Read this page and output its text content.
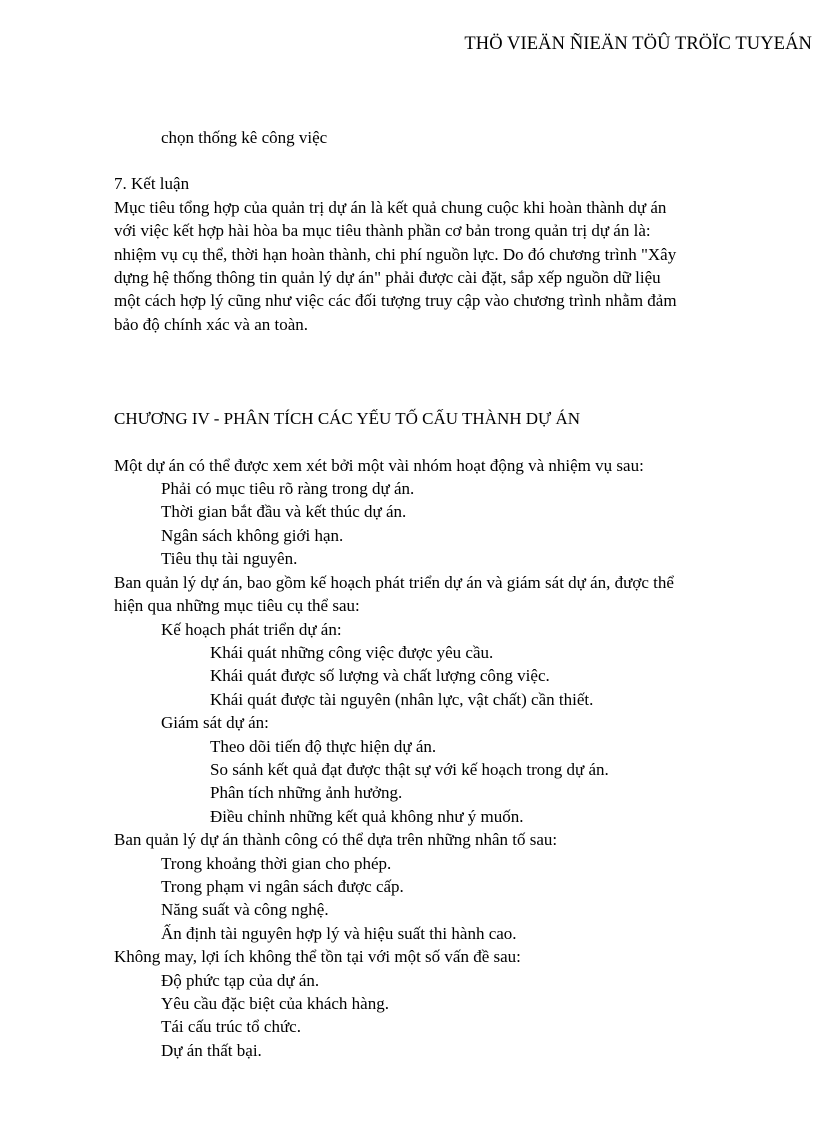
THÖ VIEÄN ÑIEÄN TÖÛ TRÖÏC TUYEÁN
chọn thống kê công việc
7. Kết luận
Mục tiêu tổng hợp của quản trị dự án là kết quả chung cuộc khi hoàn thành dự án
với việc kết hợp hài hòa ba mục tiêu thành phần cơ bản trong quản trị dự án là:
nhiệm vụ cụ thể, thời hạn hoàn thành, chi phí nguồn lực. Do đó chương trình "Xây
dựng hệ thống thông tin quản lý dự án" phải được cài đặt, sắp xếp nguồn dữ liệu
một cách hợp lý cũng như việc các đối tượng truy cập vào chương trình nhằm đảm
bảo độ chính xác và an toàn.
CHƯƠNG IV - PHÂN TÍCH CÁC YẾU TỐ CẤU THÀNH DỰ ÁN
Một dự án có thể được xem xét bởi một vài nhóm hoạt động và nhiệm vụ sau:
Phải có mục tiêu rõ ràng trong dự án.
Thời gian bắt đầu và kết thúc dự án.
Ngân sách không giới hạn.
Tiêu thụ tài nguyên.
Ban quản lý dự án, bao gồm kế hoạch phát triển dự án và giám sát dự án, được thể
hiện qua những mục tiêu cụ thể sau:
Kế hoạch phát triển dự án:
Khái quát những công việc được yêu cầu.
Khái quát được số lượng và chất lượng công việc.
Khái quát được tài nguyên (nhân lực, vật chất) cần thiết.
Giám sát dự án:
Theo dõi tiến độ thực hiện dự án.
So sánh kết quả đạt được thật sự với kế hoạch trong dự án.
Phân tích những ảnh hưởng.
Điều chỉnh những kết quả không như ý muốn.
Ban quản lý dự án thành công có thể dựa trên những nhân tố sau:
Trong khoảng thời gian cho phép.
Trong phạm vi ngân sách được cấp.
Năng suất và công nghệ.
Ấn định tài nguyên hợp lý và hiệu suất thi hành cao.
Không may, lợi ích không thể tồn tại với một số vấn đề sau:
Độ phức tạp của dự án.
Yêu cầu đặc biệt của khách hàng.
Tái cấu trúc tổ chức.
Dự án thất bại.
